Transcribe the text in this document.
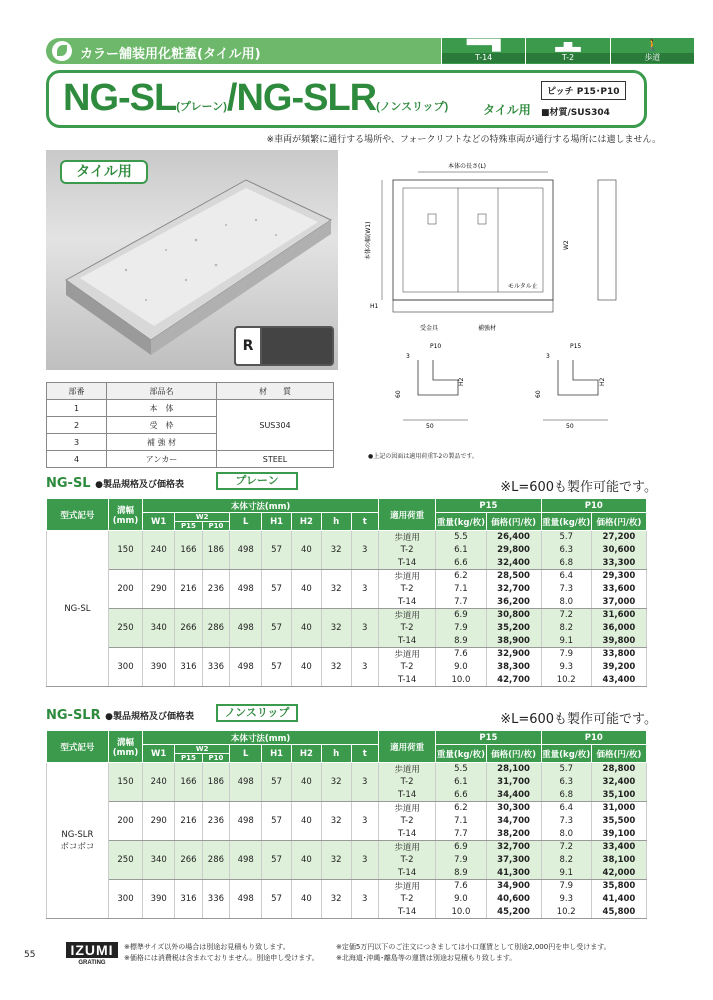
カラー舗装用化粧蓋(タイル用)
▀▀▀█
T-14
▃▆▃
T-2
🚶
歩道
NG-SL(プレーン)/NG-SLR(ノンスリップ)	タイル用
ピッチ P15･P10
■材質/SUS304
※車両が頻繁に通行する場所や、フォークリフトなどの特殊車両が通行する場所には適しません。
タイル用
R
本体の長さ(L)
本体の幅(W1)
モルタル止
H1
受金具	補強材
W2
P10
3
60
H2
50
P15
3
60
H2
50
●上記の図面は適用荷重T-2の製品です。
部番	部品名	材　　質
1	本　体	SUS304
2	受　枠	
3	補 強 材	
4	アンカー	STEEL
NG-SL ●製品規格及び価格表	プレーン	※L=600も製作可能です。
型式記号	溝幅(mm)	本体寸法(mm)								適用荷重	P15		P10	
		W1	W2		L	H1	H2	h	t		重量(kg/枚)	価格(円/枚)	重量(kg/枚)	価格(円/枚)
			P15	P10										

NG-SL	150	240	166	186	498	57	40	32	3	歩道用	5.5	26,400	5.7	27,200
										T-2	6.1	29,800	6.3	30,600
										T-14	6.6	32,400	6.8	33,300
	200	290	216	236	498	57	40	32	3	歩道用	6.2	28,500	6.4	29,300
										T-2	7.1	32,700	7.3	33,600
										T-14	7.7	36,200	8.0	37,000
	250	340	266	286	498	57	40	32	3	歩道用	6.9	30,800	7.2	31,600
										T-2	7.9	35,200	8.2	36,000
										T-14	8.9	38,900	9.1	39,800
	300	390	316	336	498	57	40	32	3	歩道用	7.6	32,900	7.9	33,800
										T-2	9.0	38,300	9.3	39,200
										T-14	10.0	42,700	10.2	43,400
NG-SLR ●製品規格及び価格表	ノンスリップ	※L=600も製作可能です。
型式記号	溝幅(mm)	本体寸法(mm)								適用荷重	P15		P10	
		W1	W2		L	H1	H2	h	t		重量(kg/枚)	価格(円/枚)	重量(kg/枚)	価格(円/枚)
			P15	P10										

NG-SLR
ボコボコ	150	240	166	186	498	57	40	32	3	歩道用	5.5	28,100	5.7	28,800
										T-2	6.1	31,700	6.3	32,400
										T-14	6.6	34,400	6.8	35,100
	200	290	216	236	498	57	40	32	3	歩道用	6.2	30,300	6.4	31,000
										T-2	7.1	34,700	7.3	35,500
										T-14	7.7	38,200	8.0	39,100
	250	340	266	286	498	57	40	32	3	歩道用	6.9	32,700	7.2	33,400
										T-2	7.9	37,300	8.2	38,100
										T-14	8.9	41,300	9.1	42,000
	300	390	316	336	498	57	40	32	3	歩道用	7.6	34,900	7.9	35,800
										T-2	9.0	40,600	9.3	41,400
										T-14	10.0	45,200	10.2	45,800
55	IZUMI
GRATING
※標準サイズ以外の場合は別途お見積もり致します。
※価格には消費税は含まれておりません。別途申し受けます。
※定価5万円以下のご注文につきましては小口運賃として別途2,000円を申し受けます。
※北海道･沖縄･離島等の運賃は別途お見積もり致します。
